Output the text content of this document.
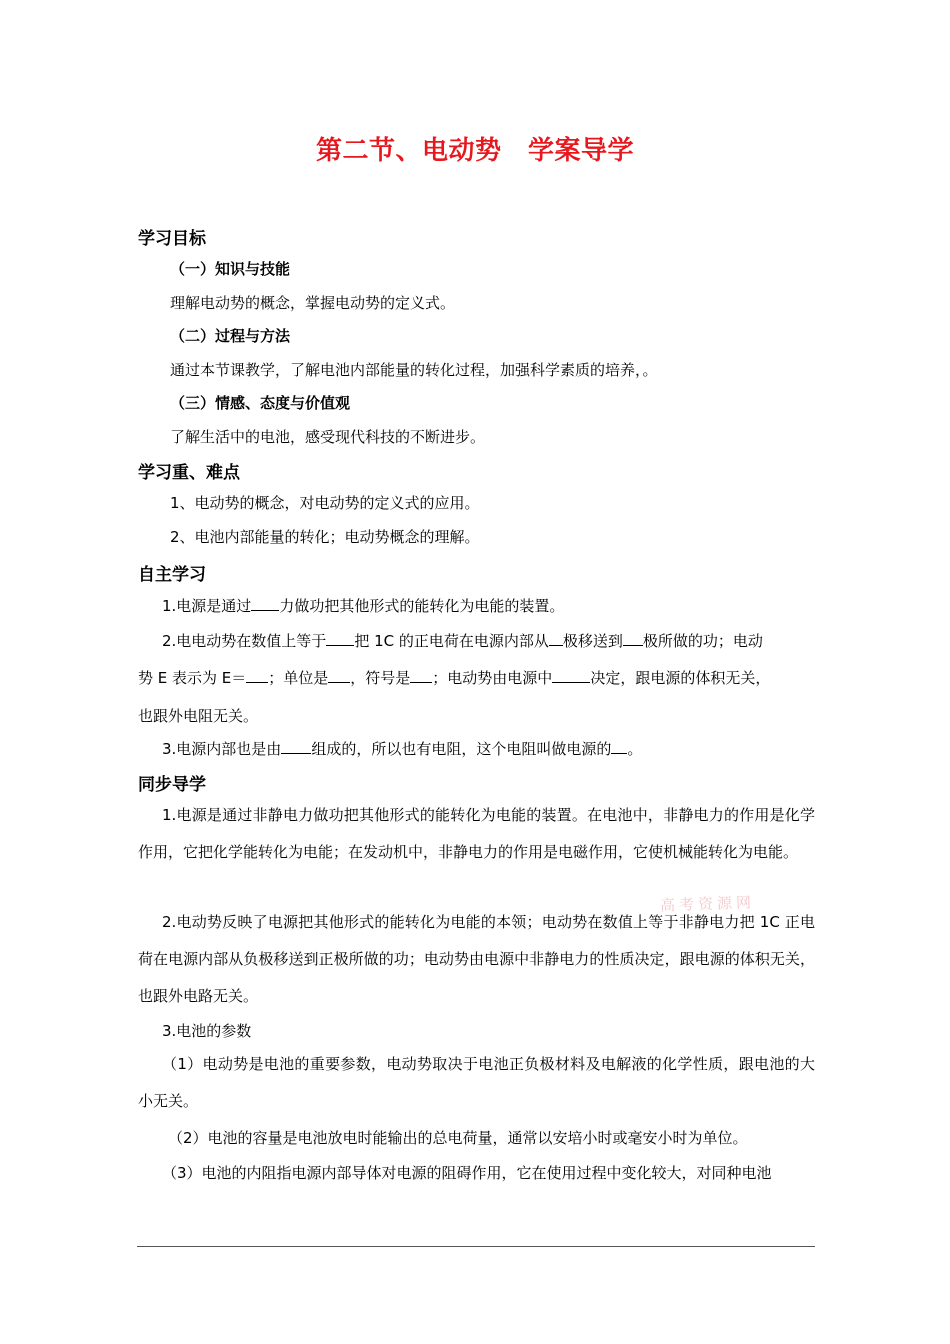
第二节、电动势　学案导学
学习目标
（一）知识与技能
理解电动势的概念，掌握电动势的定义式。
（二）过程与方法
通过本节课教学，了解电池内部能量的转化过程，加强科学素质的培养，。
（三）情感、态度与价值观
了解生活中的电池，感受现代科技的不断进步。
学习重、难点
1、电动势的概念，对电动势的定义式的应用。
2、电池内部能量的转化；电动势概念的理解。
自主学习
1.电源是通过 力做功把其他形式的能转化为电能的装置。
2.电电动势在数值上等于 把 1C 的正电荷在电源内部从 极移送到 极所做的功；电动
势 E 表示为 E＝ ；单位是 ，符号是 ；电动势由电源中	决定，跟电源的体积无关，
也跟外电阻无关。
3.电源内部也是由 组成的，所以也有电阻，这个电阻叫做电源的 。
同步导学
1.电源是通过非静电力做功把其他形式的能转化为电能的装置。在电池中，非静电力的作用是化学作用，它把化学能转化为电能；在发动机中，非静电力的作用是电磁作用，它使机械能转化为电能。
2.电动势反映了电源把其他形式的能转化为电能的本领；电动势在数值上等于非静电力把 1C 正电荷在电源内部从负极移送到正极所做的功；电动势由电源中非静电力的性质决定，跟电源的体积无关，也跟外电路无关。
3.电池的参数
（1）电动势是电池的重要参数，电动势取决于电池正负极材料及电解液的化学性质，跟电池的大小无关。
（2）电池的容量是电池放电时能输出的总电荷量，通常以安培小时或毫安小时为单位。
（3）电池的内阻指电源内部导体对电源的阻碍作用，它在使用过程中变化较大，对同种电池
高考资源网
